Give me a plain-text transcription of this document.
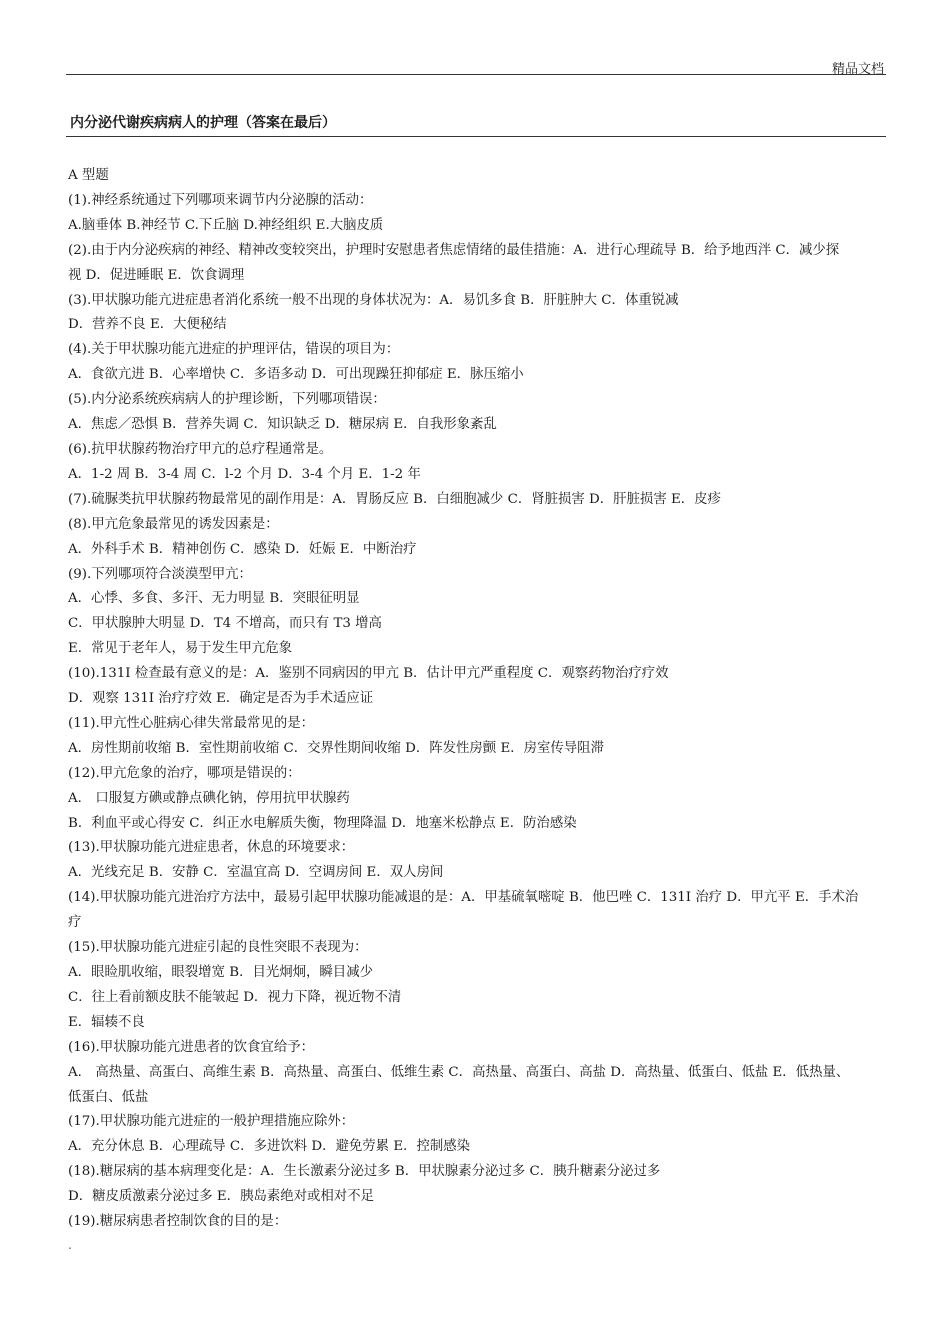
精品文档
内分泌代谢疾病病人的护理（答案在最后）
A 型题
(1).神经系统通过下列哪项来调节内分泌腺的活动：
A.脑垂体 B.神经节 C.下丘脑 D.神经组织 E.大脑皮质
(2).由于内分泌疾病的神经、精神改变较突出，护理时安慰患者焦虑情绪的最佳措施：A．进行心理疏导 B．给予地西泮 C．减少探
视 D．促进睡眠 E．饮食调理
(3).甲状腺功能亢进症患者消化系统一般不出现的身体状况为：A．易饥多食 B．肝脏肿大 C．体重锐减
D．营养不良 E．大便秘结
(4).关于甲状腺功能亢进症的护理评估，错误的项目为：
A．食欲亢进 B．心率增快 C．多语多动 D．可出现躁狂抑郁症 E．脉压缩小
(5).内分泌系统疾病病人的护理诊断，下列哪项错误：
A．焦虑／恐惧 B．营养失调 C．知识缺乏 D．糖尿病 E．自我形象紊乱
(6).抗甲状腺药物治疗甲亢的总疗程通常是。
A．1-2 周 B．3-4 周 C．l-2 个月 D．3-4 个月 E．1-2 年
(7).硫脲类抗甲状腺药物最常见的副作用是：A．胃肠反应 B．白细胞减少 C．肾脏损害 D．肝脏损害 E．皮疹
(8).甲亢危象最常见的诱发因素是：
A．外科手术 B．精神创伤 C．感染 D．妊娠 E．中断治疗
(9).下列哪项符合淡漠型甲亢：
A．心悸、多食、多汗、无力明显 B．突眼征明显
C．甲状腺肿大明显 D．T4 不增高，而只有 T3 增高
E．常见于老年人，易于发生甲亢危象
(10).131I 检查最有意义的是：A．鉴别不同病因的甲亢 B．估计甲亢严重程度 C．观察药物治疗疗效
D．观察 131I 治疗疗效 E．确定是否为手术适应证
(11).甲亢性心脏病心律失常最常见的是：
A．房性期前收缩 B．室性期前收缩 C．交界性期间收缩 D．阵发性房颤 E．房室传导阻滞
(12).甲亢危象的治疗，哪项是错误的：
A． 口服复方碘或静点碘化钠，停用抗甲状腺药
B．利血平或心得安 C．纠正水电解质失衡，物理降温 D．地塞米松静点 E．防治感染
(13).甲状腺功能亢进症患者，休息的环境要求：
A．光线充足 B．安静 C．室温宜高 D．空调房间 E．双人房间
(14).甲状腺功能亢进治疗方法中，最易引起甲状腺功能减退的是：A．甲基硫氧嘧啶 B．他巴唑 C．131I 治疗 D．甲亢平 E．手术治
疗
(15).甲状腺功能亢进症引起的良性突眼不表现为：
A．眼睑肌收缩，眼裂增宽 B．目光炯炯，瞬目减少
C．往上看前额皮肤不能皱起 D．视力下降，视近物不清
E．辐辏不良
(16).甲状腺功能亢进患者的饮食宜给予：
A． 高热量、高蛋白、高维生素 B．高热量、高蛋白、低维生素 C．高热量、高蛋白、高盐 D．高热量、低蛋白、低盐 E．低热量、
低蛋白、低盐
(17).甲状腺功能亢进症的一般护理措施应除外：
A．充分休息 B．心理疏导 C．多进饮料 D．避免劳累 E．控制感染
(18).糖尿病的基本病理变化是：A．生长激素分泌过多 B．甲状腺素分泌过多 C．胰升糖素分泌过多
D．糖皮质激素分泌过多 E．胰岛素绝对或相对不足
(19).糖尿病患者控制饮食的目的是：
.
